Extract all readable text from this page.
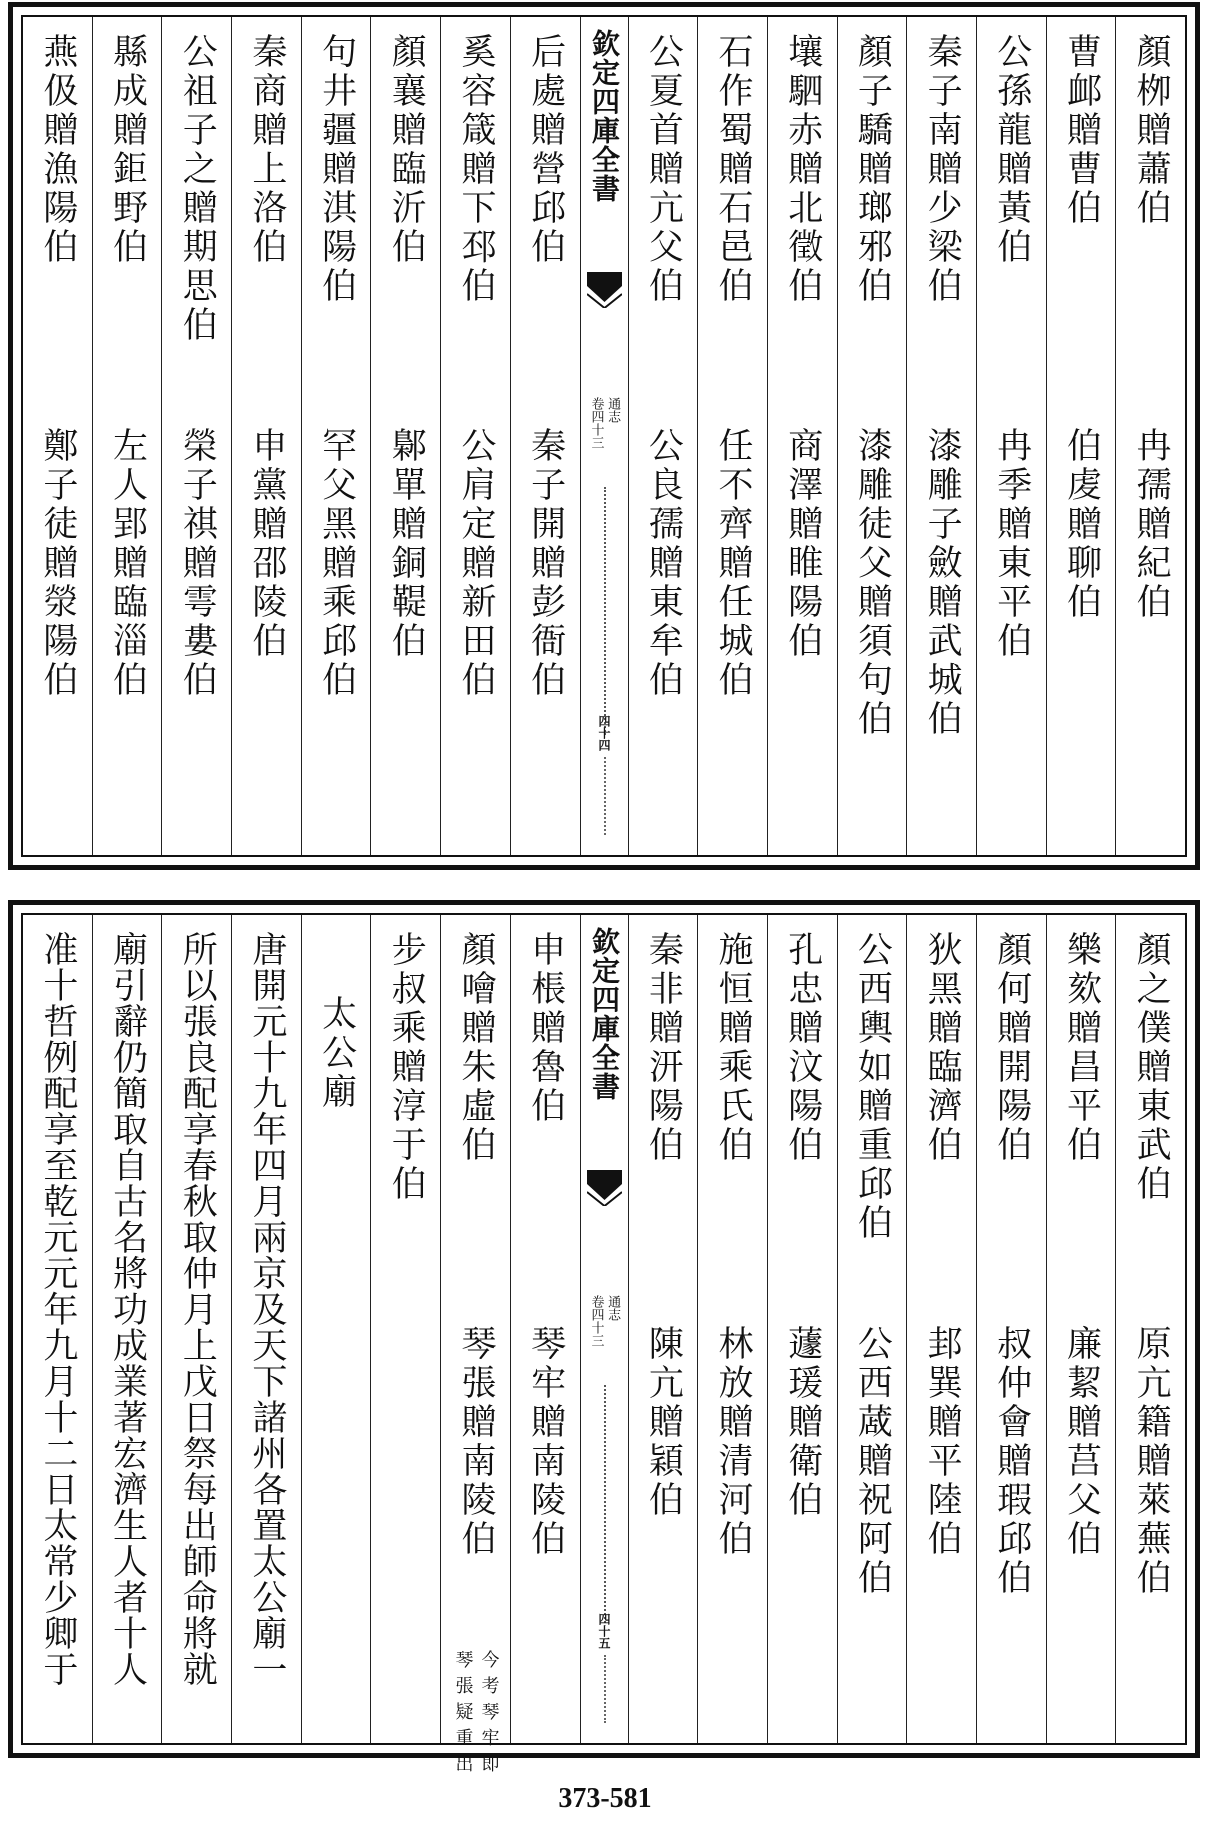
顏栁贈蕭伯
冉孺贈紀伯
曹䘏贈曹伯
伯䖍贈聊伯
公孫龍贈黃伯
冉季贈東平伯
秦子南贈少梁伯
漆雕子斂贈武城伯
顏子驕贈瑯邪伯
漆雕徒父贈須句伯
壤駟赤贈北徵伯
商澤贈睢陽伯
石作蜀贈石邑伯
任不齊贈任城伯
公夏首贈亢父伯
公良孺贈東牟伯
欽定四庫全書
通志
卷四十三
四十四
后處贈營邱伯
秦子開贈彭衙伯
奚容箴贈下邳伯
公肩定贈新田伯
顏襄贈臨沂伯
鄡單贈銅鞮伯
句井疆贈淇陽伯
罕父黑贈乘邱伯
秦商贈上洛伯
申黨贈邵陵伯
公祖子之贈期思伯
榮子祺贈雩婁伯
縣成贈鉅野伯
左人郢贈臨淄伯
燕伋贈漁陽伯
鄭子徒贈滎陽伯
顏之僕贈東武伯
原亢籍贈萊蕪伯
樂欬贈昌平伯
廉絜贈莒父伯
顏何贈開陽伯
叔仲會贈瑕邱伯
狄黑贈臨濟伯
邽巽贈平陸伯
公西輿如贈重邱伯
公西蒧贈祝阿伯
孔忠贈汶陽伯
蘧瑗贈衛伯
施恒贈乘氏伯
林放贈清河伯
秦非贈汧陽伯
陳亢贈穎伯
欽定四庫全書
通志
卷四十三
四十五
申棖贈魯伯
琴牢贈南陵伯
顏噲贈朱虛伯
琴張贈南陵伯
今考琴牢即
琴張疑重出
步叔乘贈淳于伯
太公廟
唐開元十九年四月兩京及天下諸州各置太公廟一
所以張良配享春秋取仲月上戊日祭每出師命將就
廟引辭仍簡取自古名將功成業著宏濟生人者十人
准十哲例配享至乾元元年九月十二日太常少卿于
373-581
